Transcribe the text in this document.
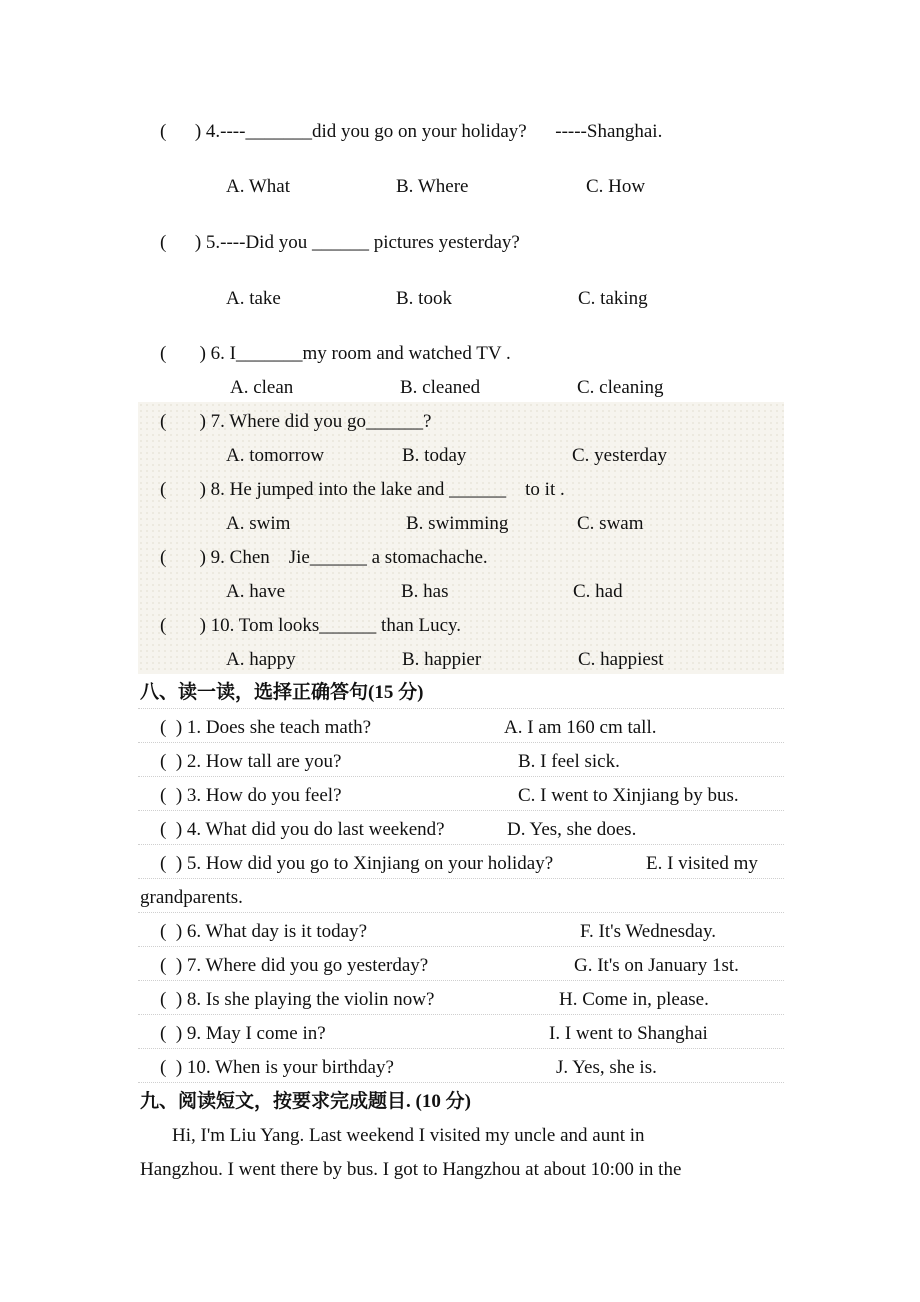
(      ) 4.----_______did you go on your holiday?      -----Shanghai.
A. What	B. Where	C. How
(      ) 5.----Did you ______ pictures yesterday?
A. take	B. took	C. taking
(       ) 6. I_______my room and watched TV .
A. clean	B. cleaned	C. cleaning
(       ) 7. Where did you go______?
A. tomorrow	B. today	C. yesterday
(       ) 8. He jumped into the lake and ______    to it .
A. swim	B. swimming	C. swam
(       ) 9. Chen    Jie______ a stomachache.
A. have	B. has	C. had
(       ) 10. Tom looks______ than Lucy.
A. happy	B. happier	C. happiest
八、读一读，选择正确答句(15 分)
(  ) 1. Does she teach math?	A. I am 160 cm tall.
(  ) 2. How tall are you?	B. I feel sick.
(  ) 3. How do you feel?	C. I went to Xinjiang by bus.
(  ) 4. What did you do last weekend?	D. Yes, she does.
(  ) 5. How did you go to Xinjiang on your holiday?	E. I visited my
grandparents.
(  ) 6. What day is it today?	F. It's Wednesday.
(  ) 7. Where did you go yesterday?	G. It's on January 1st.
(  ) 8. Is she playing the violin now?	H. Come in, please.
(  ) 9. May I come in?	I. I went to Shanghai
(  ) 10. When is your birthday?	J. Yes, she is.
九、阅读短文，按要求完成题目. (10 分)
Hi, I'm Liu Yang. Last weekend I visited my uncle and aunt in
Hangzhou. I went there by bus. I got to Hangzhou at about 10:00 in the
